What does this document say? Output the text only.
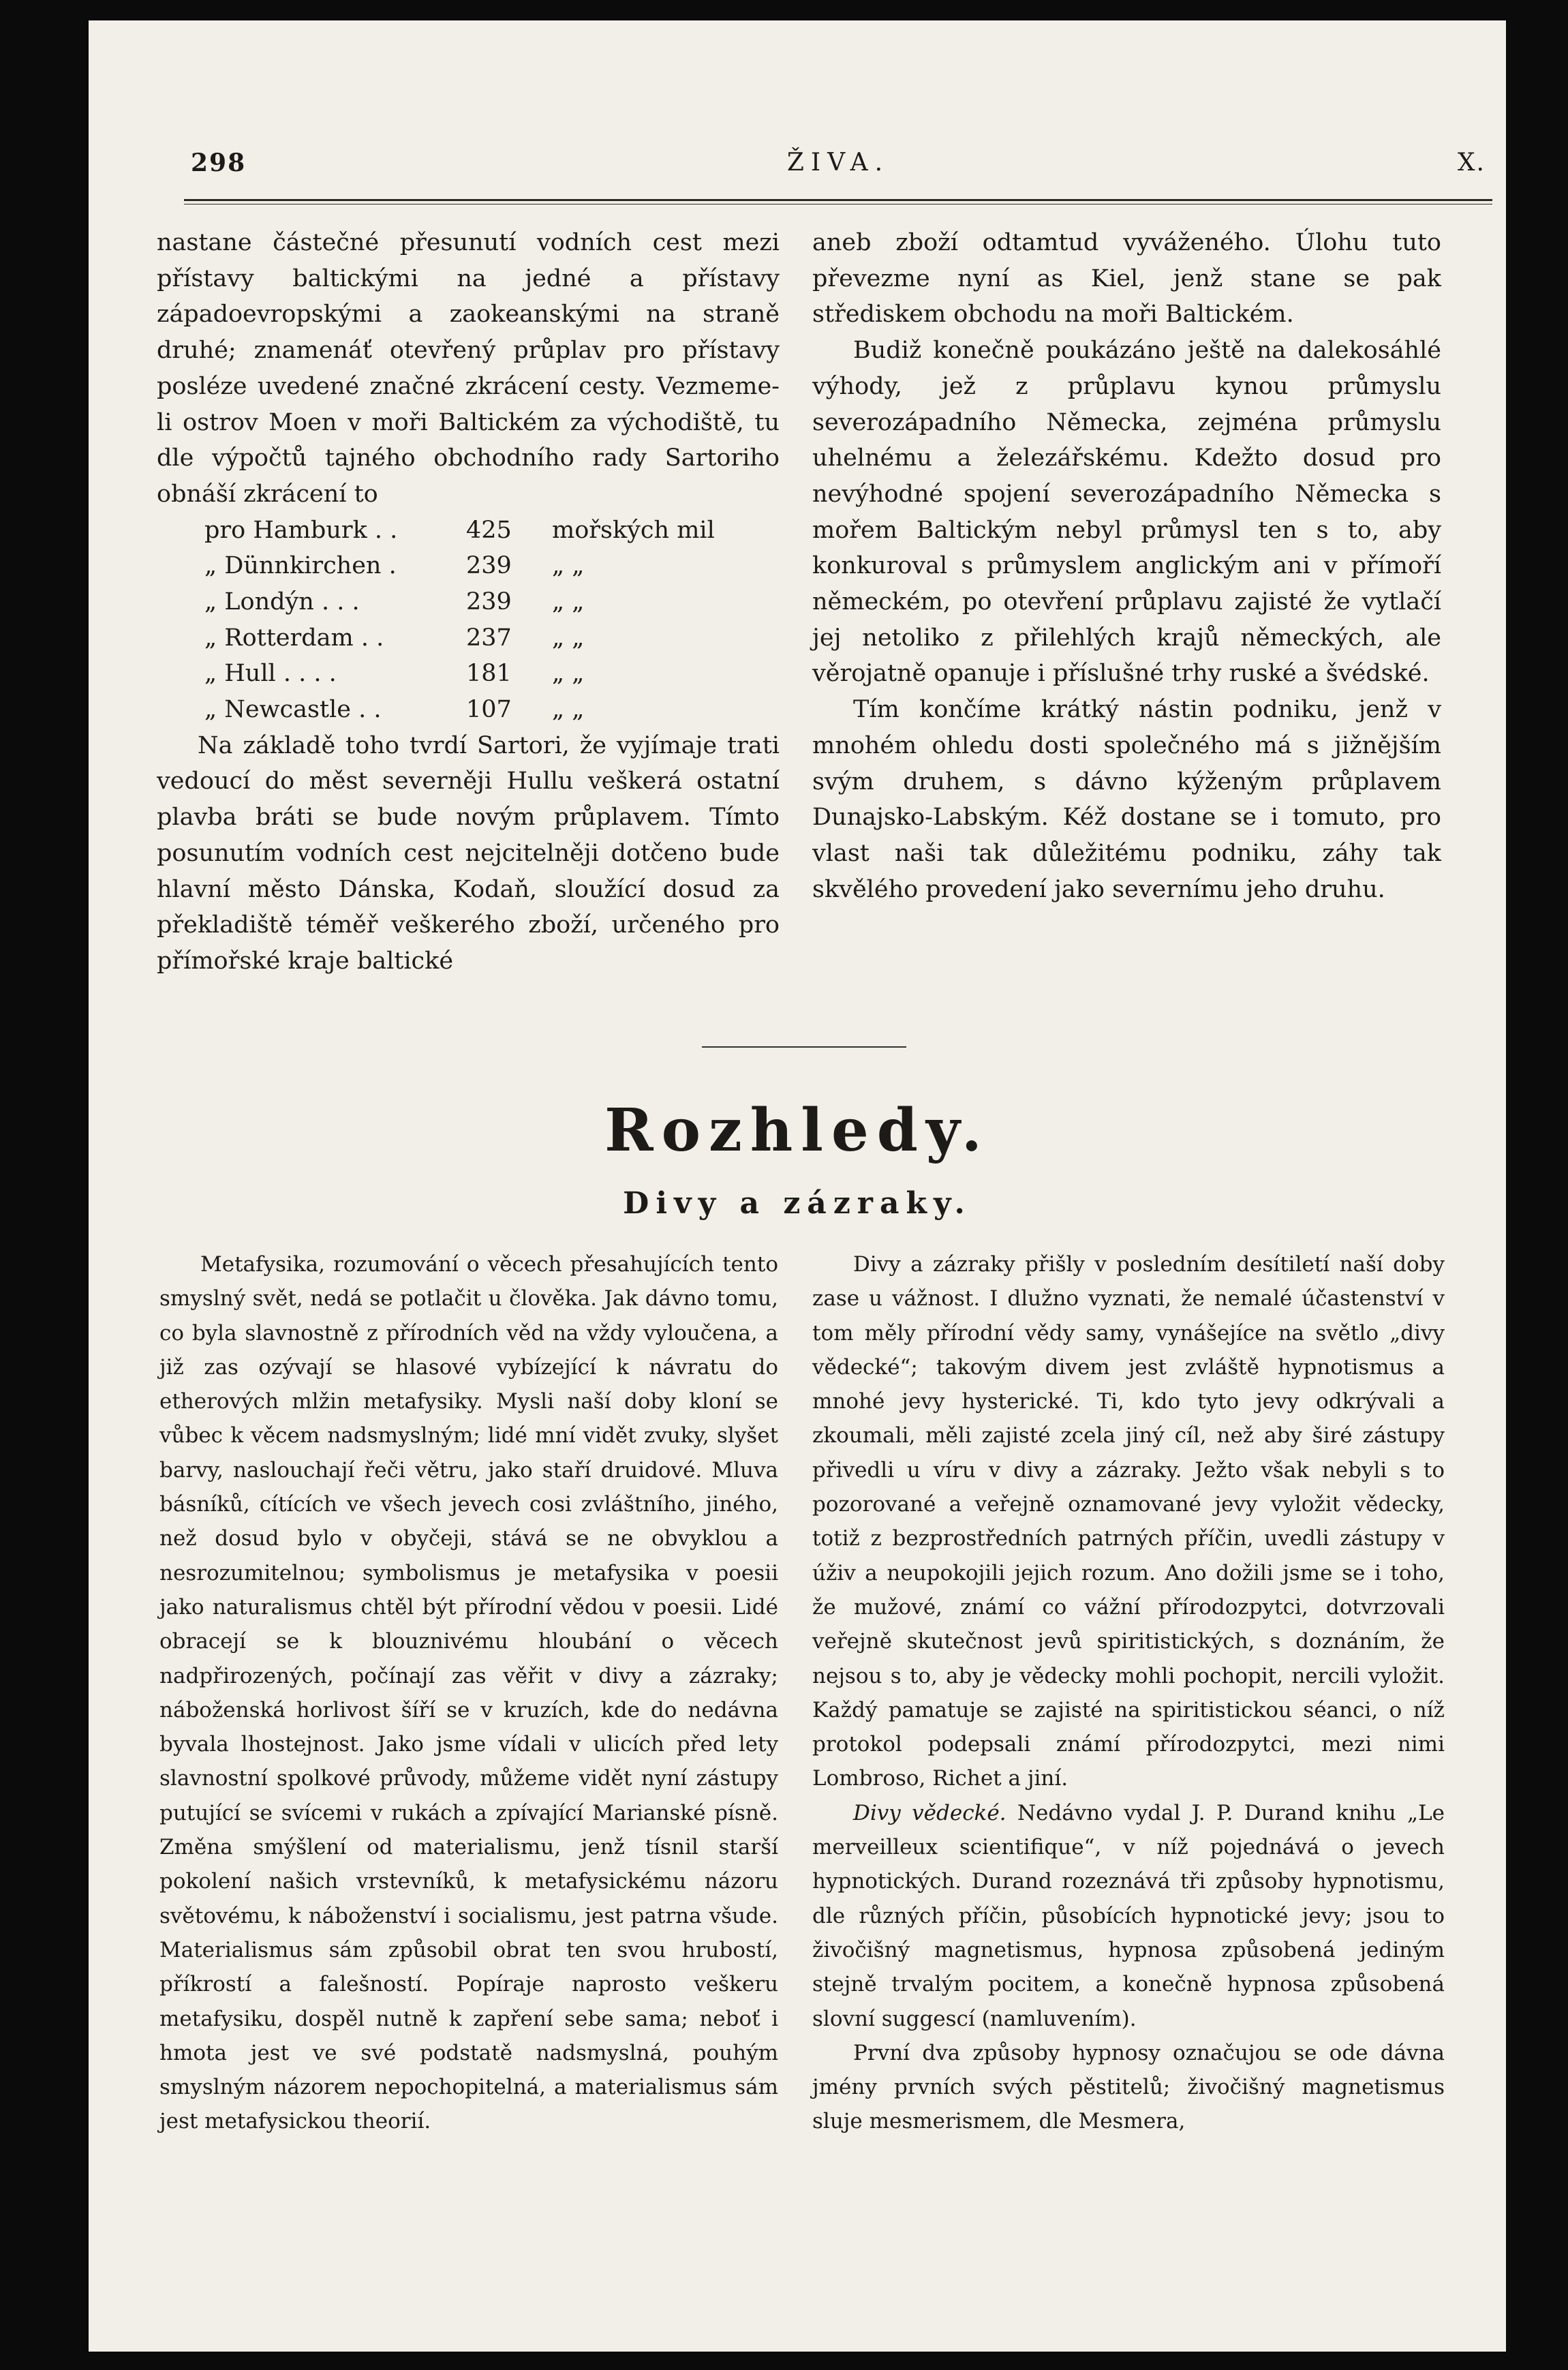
298	ŽIVA.	X.

nastane částečné přesunutí vodních cest mezi přístavy baltickými na jedné a přístavy západoevropskými a zaokeanskými na straně druhé; znamenáť otevřený průplav pro přístavy posléze uvedené značné zkrácení cesty. Vezmeme-li ostrov Moen v moři Baltickém za východiště, tu dle výpočtů tajného obchodního rady Sartoriho obnáší zkrácení to

pro Hamburk . .	425 mořských mil
„ Dünnkirchen .	239 „ „
„ Londýn . . .	239 „ „
„ Rotterdam . .	237 „ „
„ Hull . . . .	181 „ „
„ Newcastle . .	107 „ „

Na základě toho tvrdí Sartori, že vyjímaje trati vedoucí do měst severněji Hullu veškerá ostatní plavba bráti se bude novým průplavem. Tímto posunutím vodních cest nejcitelněji dotčeno bude hlavní město Dánska, Kodaň, sloužící dosud za překladiště téměř veškerého zboží, určeného pro přímořské kraje baltické

aneb zboží odtamtud vyváženého. Úlohu tuto převezme nyní as Kiel, jenž stane se pak střediskem obchodu na moři Baltickém.

Budiž konečně poukázáno ještě na dalekosáhlé výhody, jež z průplavu kynou průmyslu severozápadního Německa, zejména průmyslu uhelnému a železářskému. Kdežto dosud pro nevýhodné spojení severozápadního Německa s mořem Baltickým nebyl průmysl ten s to, aby konkuroval s průmyslem anglickým ani v přímoří německém, po otevření průplavu zajisté že vytlačí jej netoliko z přilehlých krajů německých, ale věrojatně opanuje i příslušné trhy ruské a švédské.

Tím končíme krátký nástin podniku, jenž v mnohém ohledu dosti společného má s jižnějším svým druhem, s dávno kýženým průplavem Dunajsko-Labským. Kéž dostane se i tomuto, pro vlast naši tak důležitému podniku, záhy tak skvělého provedení jako severnímu jeho druhu.

Rozhledy.
Divy a zázraky.

Metafysika, rozumování o věcech přesahujících tento smyslný svět, nedá se potlačit u člověka. Jak dávno tomu, co byla slavnostně z přírodních věd na vždy vyloučena, a již zas ozývají se hlasové vybízející k návratu do etherových mlžin metafysiky. Mysli naší doby kloní se vůbec k věcem nadsmyslným; lidé mní vidět zvuky, slyšet barvy, naslouchají řeči větru, jako staří druidové. Mluva básníků, cítících ve všech jevech cosi zvláštního, jiného, než dosud bylo v obyčeji, stává se ne obvyklou a nesrozumitelnou; symbolismus je metafysika v poesii jako naturalismus chtěl být přírodní vědou v poesii. Lidé obracejí se k blouznivému hloubání o věcech nadpřirozených, počínají zas věřit v divy a zázraky; náboženská horlivost šíří se v kruzích, kde do nedávna byvala lhostejnost. Jako jsme vídali v ulicích před lety slavnostní spolkové průvody, můžeme vidět nyní zástupy putující se svícemi v rukách a zpívající Marianské písně. Změna smýšlení od materialismu, jenž tísnil starší pokolení našich vrstevníků, k metafysickému názoru světovému, k náboženství i socialismu, jest patrna všude. Materialismus sám způsobil obrat ten svou hrubostí, příkrostí a falešností. Popíraje naprosto veškeru metafysiku, dospěl nutně k zapření sebe sama; neboť i hmota jest ve své podstatě nadsmyslná, pouhým smyslným názorem nepochopitelná, a materialismus sám jest metafysickou theorií.

Divy a zázraky přišly v posledním desítiletí naší doby zase u vážnost. I dlužno vyznati, že nemalé účastenství v tom měly přírodní vědy samy, vynášejíce na světlo „divy vědecké“; takovým divem jest zvláště hypnotismus a mnohé jevy hysterické. Ti, kdo tyto jevy odkrývali a zkoumali, měli zajisté zcela jiný cíl, než aby širé zástupy přivedli u víru v divy a zázraky. Ježto však nebyli s to pozorované a veřejně oznamované jevy vyložit vědecky, totiž z bezprostředních patrných příčin, uvedli zástupy v úživ a neupokojili jejich rozum. Ano dožili jsme se i toho, že mužové, známí co vážní přírodozpytci, dotvrzovali veřejně skutečnost jevů spiritistických, s doznáním, že nejsou s to, aby je vědecky mohli pochopit, nercili vyložit. Každý pamatuje se zajisté na spiritistickou séanci, o níž protokol podepsali známí přírodozpytci, mezi nimi Lombroso, Richet a jiní.

Divy vědecké. Nedávno vydal J. P. Durand knihu „Le merveilleux scientifique“, v níž pojednává o jevech hypnotických. Durand rozeznává tři způsoby hypnotismu, dle různých příčin, působících hypnotické jevy; jsou to živočišný magnetismus, hypnosa způsobená jediným stejně trvalým pocitem, a konečně hypnosa způsobená slovní suggescí (namluvením).

První dva způsoby hypnosy označujou se ode dávna jmény prvních svých pěstitelů; živočišný magnetismus sluje mesmerismem, dle Mesmera,
